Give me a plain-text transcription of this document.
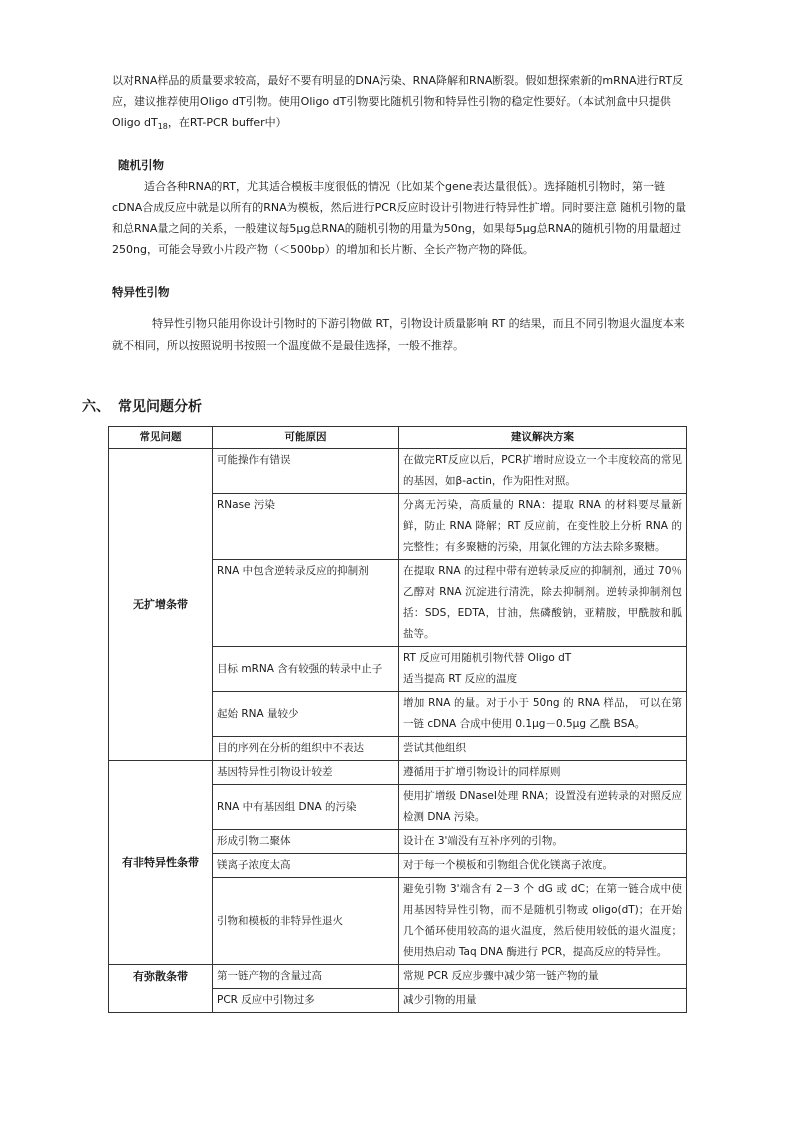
以对RNA样品的质量要求较高，最好不要有明显的DNA污染、RNA降解和RNA断裂。假如想探索新的mRNA进行RT反应，建议推荐使用Oligo dT引物。使用Oligo dT引物要比随机引物和特异性引物的稳定性要好。（本试剂盒中只提供Oligo $dT_{18}$，在RT-PCR buffer中）

随机引物

适合各种RNA的RT，尤其适合模板丰度很低的情况（比如某个gene表达量很低）。选择随机引物时，第一链cDNA合成反应中就是以所有的RNA为模板，然后进行PCR反应时设计引物进行特异性扩增。同时要注意 随机引物的量和总RNA量之间的关系，一般建议每5μg总RNA的随机引物的用量为50ng，如果每5μg总RNA的随机引物的用量超过250ng，可能会导致小片段产物（＜500bp）的增加和长片断、全长产物产物的降低。

特异性引物

特异性引物只能用你设计引物时的下游引物做 RT，引物设计质量影响 RT 的结果，而且不同引物退火温度本来就不相同，所以按照说明书按照一个温度做不是最佳选择，一般不推荐。

六、 常见问题分析

常见问题	可能原因	建议解决方案
无扩增条带	可能操作有错误	在做完RT反应以后，PCR扩增时应设立一个丰度较高的常见的基因，如β-actin，作为阳性对照。
	RNase 污染	分离无污染，高质量的 RNA：提取 RNA 的材料要尽量新鲜，防止 RNA 降解；RT 反应前，在变性胶上分析 RNA 的完整性；有多聚糖的污染，用氯化锂的方法去除多聚糖。
	RNA 中包含逆转录反应的抑制剂	在提取 RNA 的过程中带有逆转录反应的抑制剂，通过 70％乙醇对 RNA 沉淀进行清洗，除去抑制剂。逆转录抑制剂包括：SDS，EDTA，甘油，焦磷酸钠，亚精胺，甲酰胺和胍盐等。
	目标 mRNA 含有较强的转录中止子	RT 反应可用随机引物代替 Oligo dT
适当提高 RT 反应的温度

	起始 RNA 量较少	增加 RNA 的量。对于小于 50ng 的 RNA 样品， 可以在第一链 cDNA 合成中使用 0.1μg－0.5μg 乙酰 BSA。
	目的序列在分析的组织中不表达	尝试其他组织
有非特异性条带	基因特异性引物设计较差	遵循用于扩增引物设计的同样原则
	RNA 中有基因组 DNA 的污染	使用扩增级 DNaseⅠ处理 RNA；设置没有逆转录的对照反应检测 DNA 污染。
	形成引物二聚体	设计在 3'端没有互补序列的引物。
	镁离子浓度太高	对于每一个模板和引物组合优化镁离子浓度。
	引物和模板的非特异性退火	避免引物 3'端含有 2－3 个 dG 或 dC；在第一链合成中使用基因特异性引物，而不是随机引物或 oligo(dT)；在开始几个循环使用较高的退火温度，然后使用较低的退火温度；使用热启动 Taq DNA 酶进行 PCR，提高反应的特异性。
有弥散条带	第一链产物的含量过高	常规 PCR 反应步骤中减少第一链产物的量
	PCR 反应中引物过多	减少引物的用量
